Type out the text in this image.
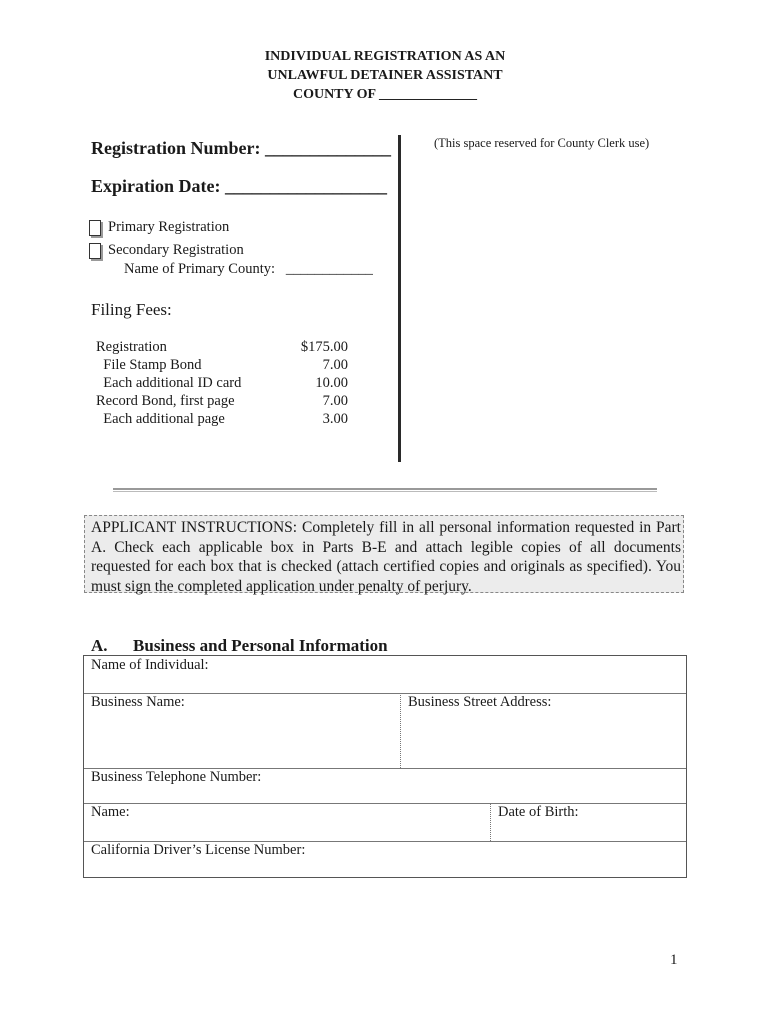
INDIVIDUAL REGISTRATION AS AN
UNLAWFUL DETAINER ASSISTANT
COUNTY OF ______________
Registration Number: ______________
Expiration Date: __________________
(This space reserved for County Clerk use)
Primary Registration
Secondary Registration
Name of Primary County:   ____________
Filing Fees:
Registration	$175.00
File Stamp Bond	7.00
Each additional ID card	10.00
Record Bond, first page	7.00
Each additional page	3.00
APPLICANT INSTRUCTIONS: Completely fill in all personal information requested in Part A. Check each applicable box in Parts B-E and attach legible copies of all documents requested for each box that is checked (attach certified copies and originals as specified). You must sign the completed application under penalty of perjury.
A.      Business and Personal Information
Name of Individual:
Business Name:	Business Street Address:
Business Telephone Number:
Name:	Date of Birth:
California Driver’s License Number:
1
